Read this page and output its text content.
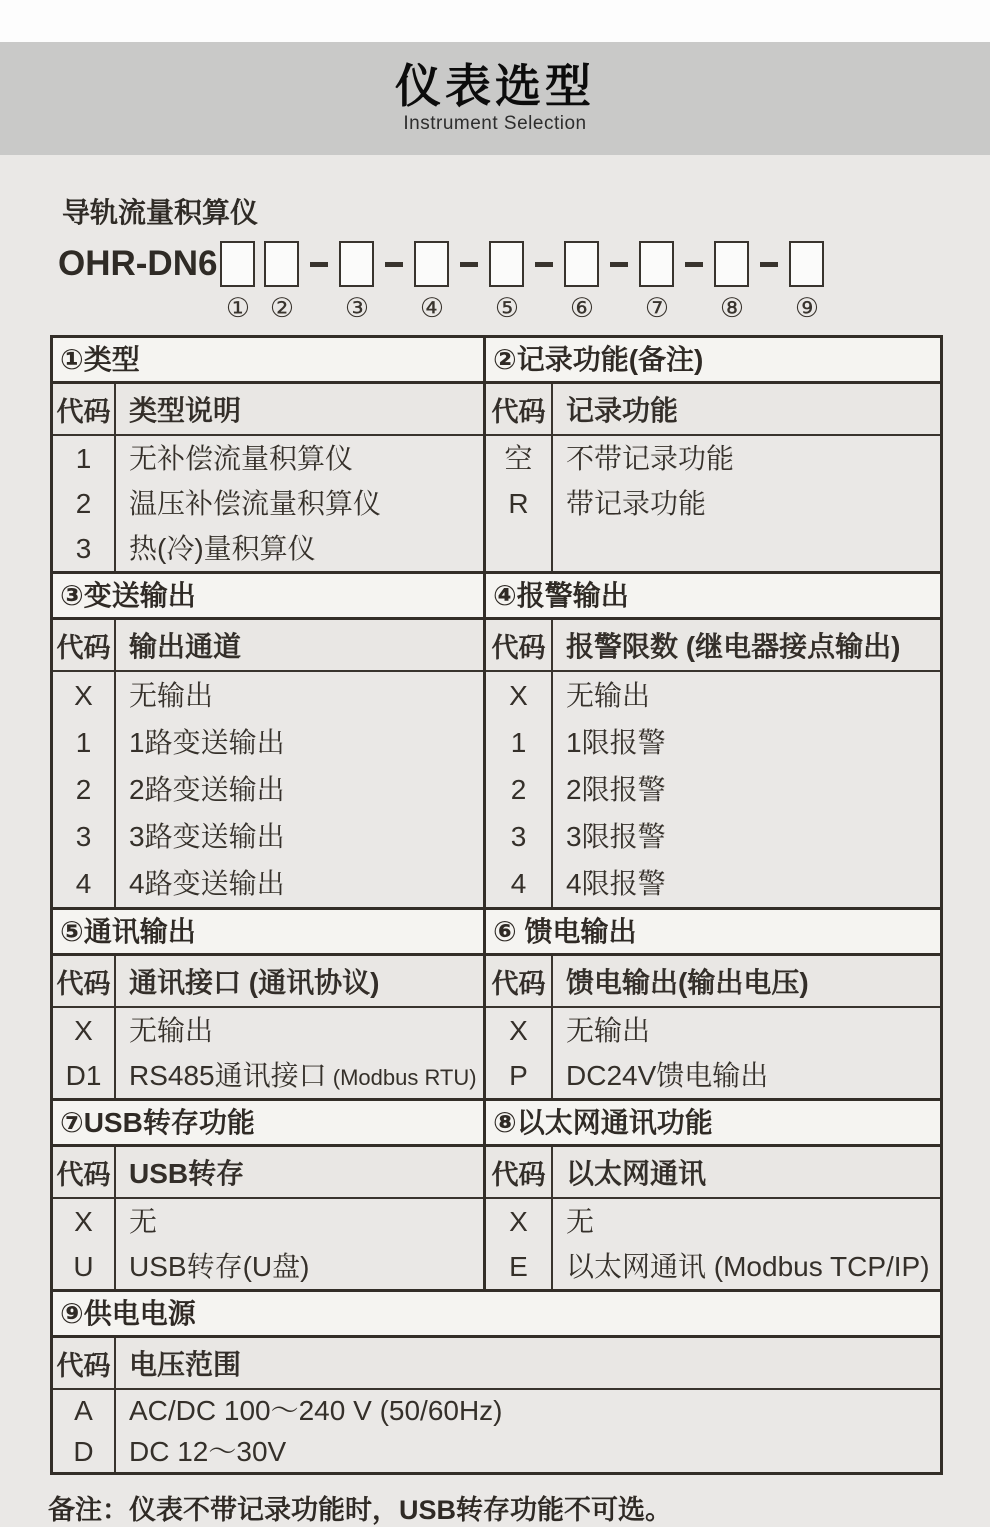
仪表选型
Instrument Selection
导轨流量积算仪
OHR-DN6
① ② ③ ④ ⑤ ⑥ ⑦ ⑧ ⑨
①类型
代码 类型说明
1
2
3
无补偿流量积算仪
温压补偿流量积算仪
热(冷)量积算仪
②记录功能(备注)
代码 记录功能
空
R
不带记录功能
带记录功能
③变送输出
代码 输出通道
X
1
2
3
4
无输出
1路变送输出
2路变送输出
3路变送输出
4路变送输出
④报警输出
代码 报警限数 (继电器接点输出)
X
1
2
3
4
无输出
1限报警
2限报警
3限报警
4限报警
⑤通讯输出
代码 通讯接口 (通讯协议)
X
D1
无输出
RS485通讯接口 (Modbus RTU)
⑥ 馈电输出
代码 馈电输出(输出电压)
X
P
无输出
DC24V馈电输出
⑦USB转存功能
代码 USB转存
X
U
无
USB转存(U盘)
⑧以太网通讯功能
代码 以太网通讯
X
E
无
以太网通讯 (Modbus TCP/IP)
⑨供电电源
代码 电压范围
A
D
AC/DC 100～240 V (50/60Hz)
DC 12～30V
备注：仪表不带记录功能时，USB转存功能不可选。
